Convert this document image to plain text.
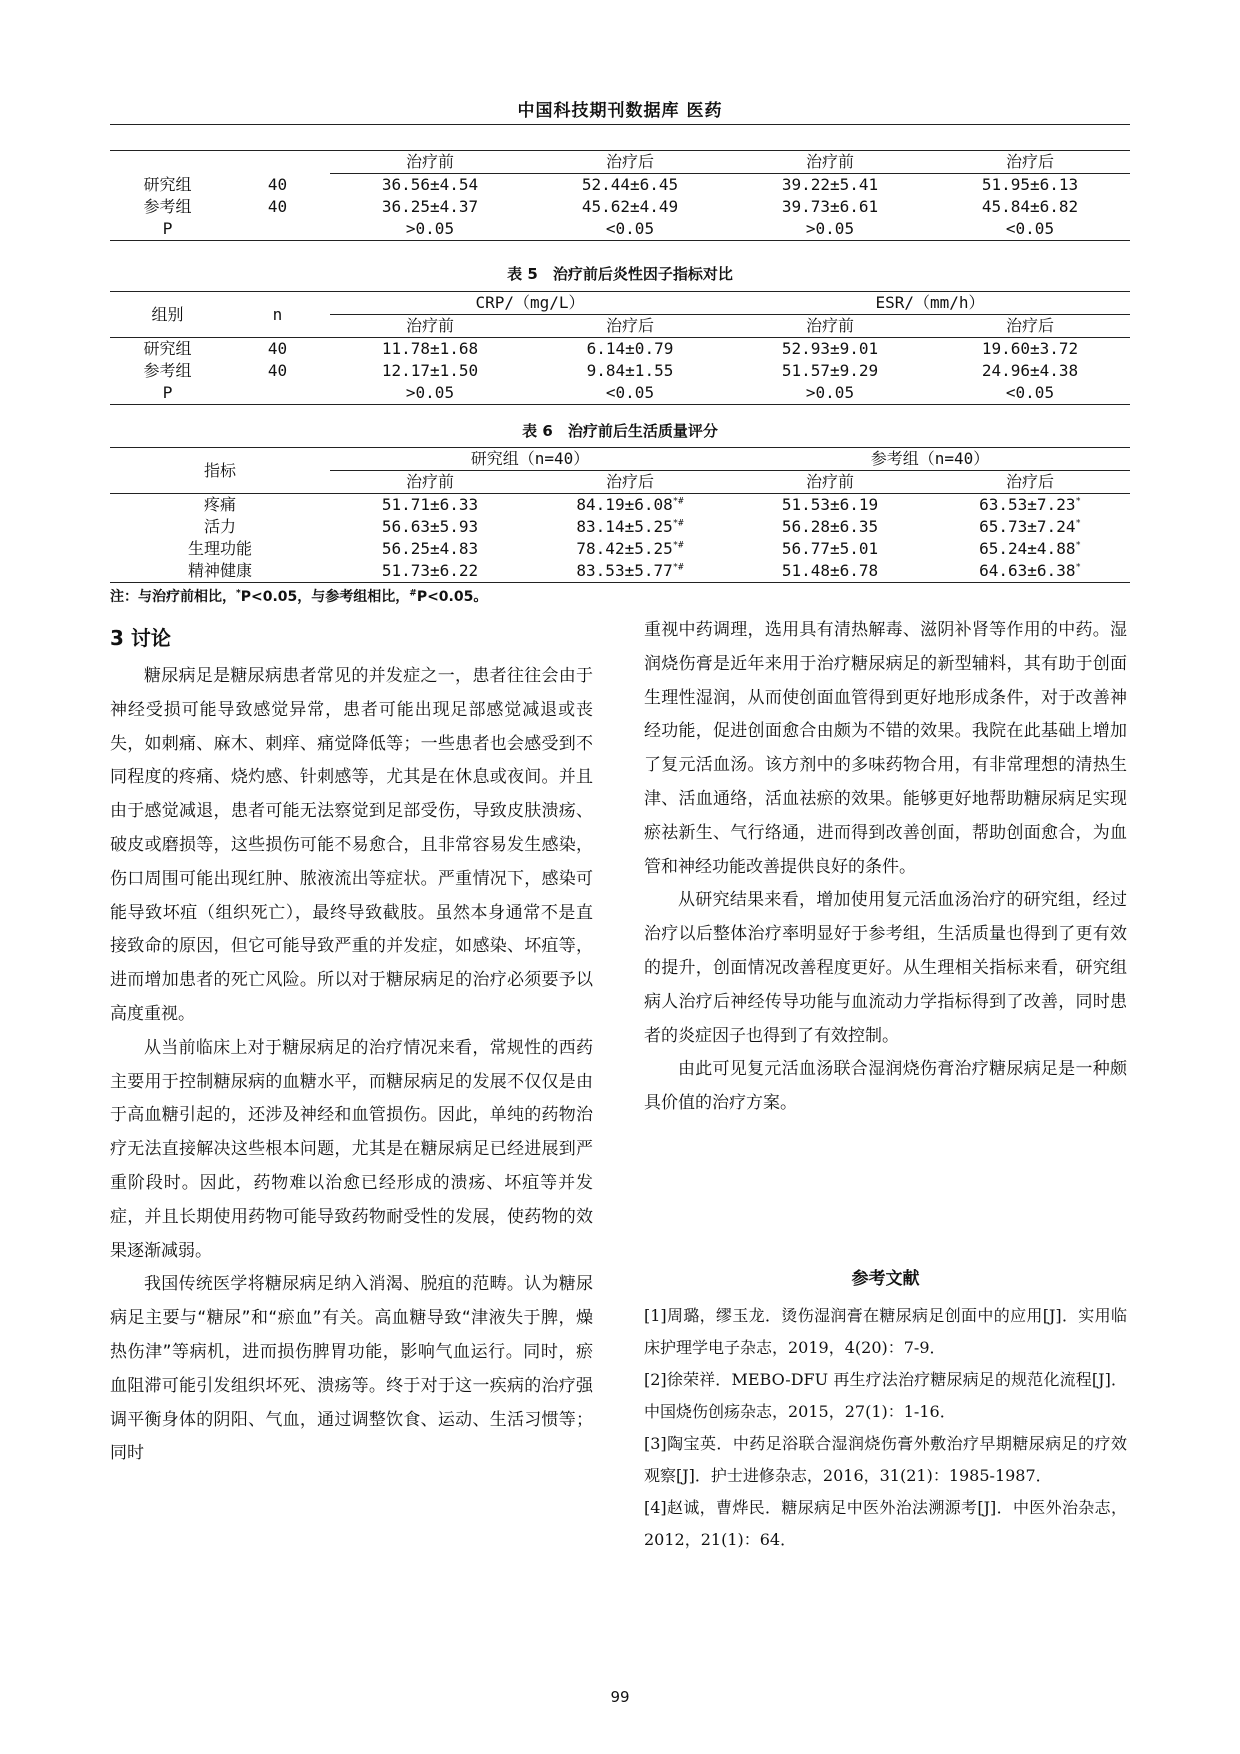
中国科技期刊数据库 医药
		治疗前	治疗后	治疗前	治疗后
研究组	40	36.56±4.54	52.44±6.45	39.22±5.41	51.95±6.13
参考组	40	36.25±4.37	45.62±4.49	39.73±6.61	45.84±6.82
P		>0.05	<0.05	>0.05	<0.05
表 5　治疗前后炎性因子指标对比
组别	n	CRP/（mg/L）		ESR/（mm/h）	
		治疗前	治疗后	治疗前	治疗后
研究组	40	11.78±1.68	6.14±0.79	52.93±9.01	19.60±3.72
参考组	40	12.17±1.50	9.84±1.55	51.57±9.29	24.96±4.38
P		>0.05	<0.05	>0.05	<0.05
表 6　治疗前后生活质量评分
指标	研究组（n=40）		参考组（n=40）	
	治疗前	治疗后	治疗前	治疗后
疼痛	51.71±6.33	84.19±6.08*#	51.53±6.19	63.53±7.23*
活力	56.63±5.93	83.14±5.25*#	56.28±6.35	65.73±7.24*
生理功能	56.25±4.83	78.42±5.25*#	56.77±5.01	65.24±4.88*
精神健康	51.73±6.22	83.53±5.77*#	51.48±6.78	64.63±6.38*
注：与治疗前相比，*P<0.05，与参考组相比，#P<0.05。
3 讨论

糖尿病足是糖尿病患者常见的并发症之一，患者往往会由于神经受损可能导致感觉异常，患者可能出现足部感觉减退或丧失，如刺痛、麻木、刺痒、痛觉降低等；一些患者也会感受到不同程度的疼痛、烧灼感、针刺感等，尤其是在休息或夜间。并且由于感觉减退，患者可能无法察觉到足部受伤，导致皮肤溃疡、破皮或磨损等，这些损伤可能不易愈合，且非常容易发生感染，伤口周围可能出现红肿、脓液流出等症状。严重情况下，感染可能导致坏疽（组织死亡），最终导致截肢。虽然本身通常不是直接致命的原因，但它可能导致严重的并发症，如感染、坏疽等，进而增加患者的死亡风险。所以对于糖尿病足的治疗必须要予以高度重视。

从当前临床上对于糖尿病足的治疗情况来看，常规性的西药主要用于控制糖尿病的血糖水平，而糖尿病足的发展不仅仅是由于高血糖引起的，还涉及神经和血管损伤。因此，单纯的药物治疗无法直接解决这些根本问题，尤其是在糖尿病足已经进展到严重阶段时。因此，药物难以治愈已经形成的溃疡、坏疽等并发症，并且长期使用药物可能导致药物耐受性的发展，使药物的效果逐渐减弱。

我国传统医学将糖尿病足纳入消渴、脱疽的范畴。认为糖尿病足主要与“糖尿”和“瘀血”有关。高血糖导致“津液失于脾，燥热伤津”等病机，进而损伤脾胃功能，影响气血运行。同时，瘀血阻滞可能引发组织坏死、溃疡等。终于对于这一疾病的治疗强调平衡身体的阴阳、气血，通过调整饮食、运动、生活习惯等；同时

重视中药调理，选用具有清热解毒、滋阴补肾等作用的中药。湿润烧伤膏是近年来用于治疗糖尿病足的新型辅料，其有助于创面生理性湿润，从而使创面血管得到更好地形成条件，对于改善神经功能，促进创面愈合由颇为不错的效果。我院在此基础上增加了复元活血汤。该方剂中的多味药物合用，有非常理想的清热生津、活血通络，活血祛瘀的效果。能够更好地帮助糖尿病足实现瘀祛新生、气行络通，进而得到改善创面，帮助创面愈合，为血管和神经功能改善提供良好的条件。

从研究结果来看，增加使用复元活血汤治疗的研究组，经过治疗以后整体治疗率明显好于参考组，生活质量也得到了更有效的提升，创面情况改善程度更好。从生理相关指标来看，研究组病人治疗后神经传导功能与血流动力学指标得到了改善，同时患者的炎症因子也得到了有效控制。

由此可见复元活血汤联合湿润烧伤膏治疗糖尿病足是一种颇具价值的治疗方案。

参考文献

[1]周璐，缪玉龙．烫伤湿润膏在糖尿病足创面中的应用[J]．实用临床护理学电子杂志，2019，4(20)：7-9．

[2]徐荣祥．MEBO-DFU 再生疗法治疗糖尿病足的规范化流程[J]．中国烧伤创疡杂志，2015，27(1)：1-16．

[3]陶宝英．中药足浴联合湿润烧伤膏外敷治疗早期糖尿病足的疗效观察[J]．护士进修杂志，2016，31(21)：1985-1987．

[4]赵诚，曹烨民．糖尿病足中医外治法溯源考[J]．中医外治杂志，2012，21(1)：64．

99
